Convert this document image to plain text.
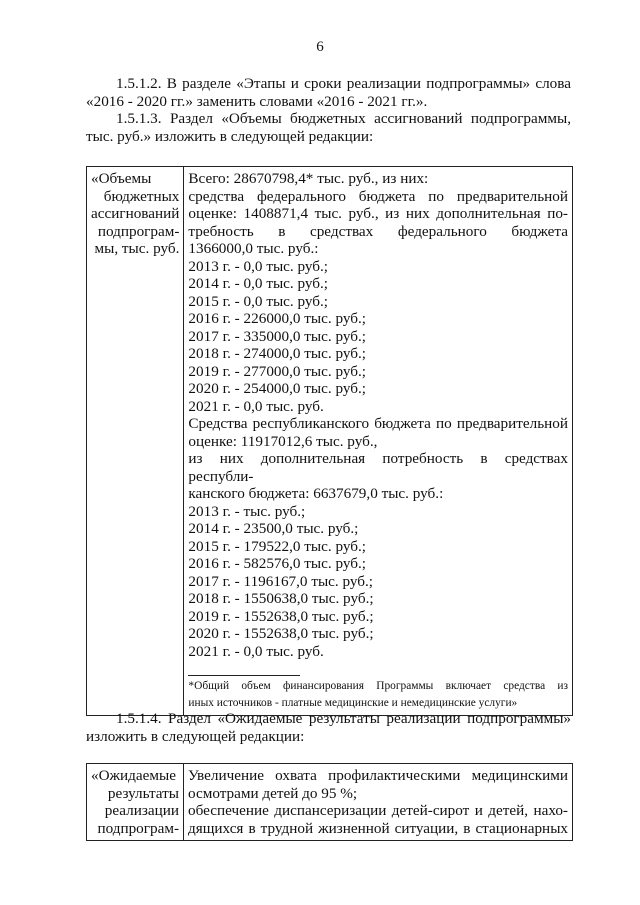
6
1.5.1.2. В разделе «Этапы и сроки реализации подпрограммы» слова
«2016 - 2020 гг.» заменить словами «2016 - 2021 гг.».
1.5.1.3. Раздел «Объемы бюджетных ассигнований подпрограммы,
тыс. руб.» изложить в следующей редакции:
«Объемы
бюджетных
ассигнований
подпрограм-
мы, тыс. руб.

Всего: 28670798,4* тыс. руб., из них:
средства федерального бюджета по предварительной
оценке: 1408871,4 тыс. руб., из них дополнительная по-
требность в средствах федерального бюджета
1366000,0 тыс. руб.:
2013 г. - 0,0 тыс. руб.;
2014 г. - 0,0 тыс. руб.;
2015 г. - 0,0 тыс. руб.;
2016 г. - 226000,0 тыс. руб.;
2017 г. - 335000,0 тыс. руб.;
2018 г. - 274000,0 тыс. руб.;
2019 г. - 277000,0 тыс. руб.;
2020 г. - 254000,0 тыс. руб.;
2021 г. - 0,0 тыс. руб.
Средства республиканского бюджета по предварительной
оценке: 11917012,6 тыс. руб.,
из них дополнительная потребность в средствах республи-
канского бюджета: 6637679,0 тыс. руб.:
2013 г. - тыс. руб.;
2014 г. - 23500,0 тыс. руб.;
2015 г. - 179522,0 тыс. руб.;
2016 г. - 582576,0 тыс. руб.;
2017 г. - 1196167,0 тыс. руб.;
2018 г. - 1550638,0 тыс. руб.;
2019 г. - 1552638,0 тыс. руб.;
2020 г. - 1552638,0 тыс. руб.;
2021 г. - 0,0 тыс. руб.
*Общий объем финансирования Программы включает средства из
иных источников - платные медицинские и немедицинские услуги»
1.5.1.4. Раздел «Ожидаемые результаты реализации подпрограммы»
изложить в следующей редакции:
«Ожидаемые
результаты
реализации
подпрограм-

Увеличение охвата профилактическими медицинскими
осмотрами детей до 95 %;
обеспечение диспансеризации детей-сирот и детей, нахо-
дящихся в трудной жизненной ситуации, в стационарных
